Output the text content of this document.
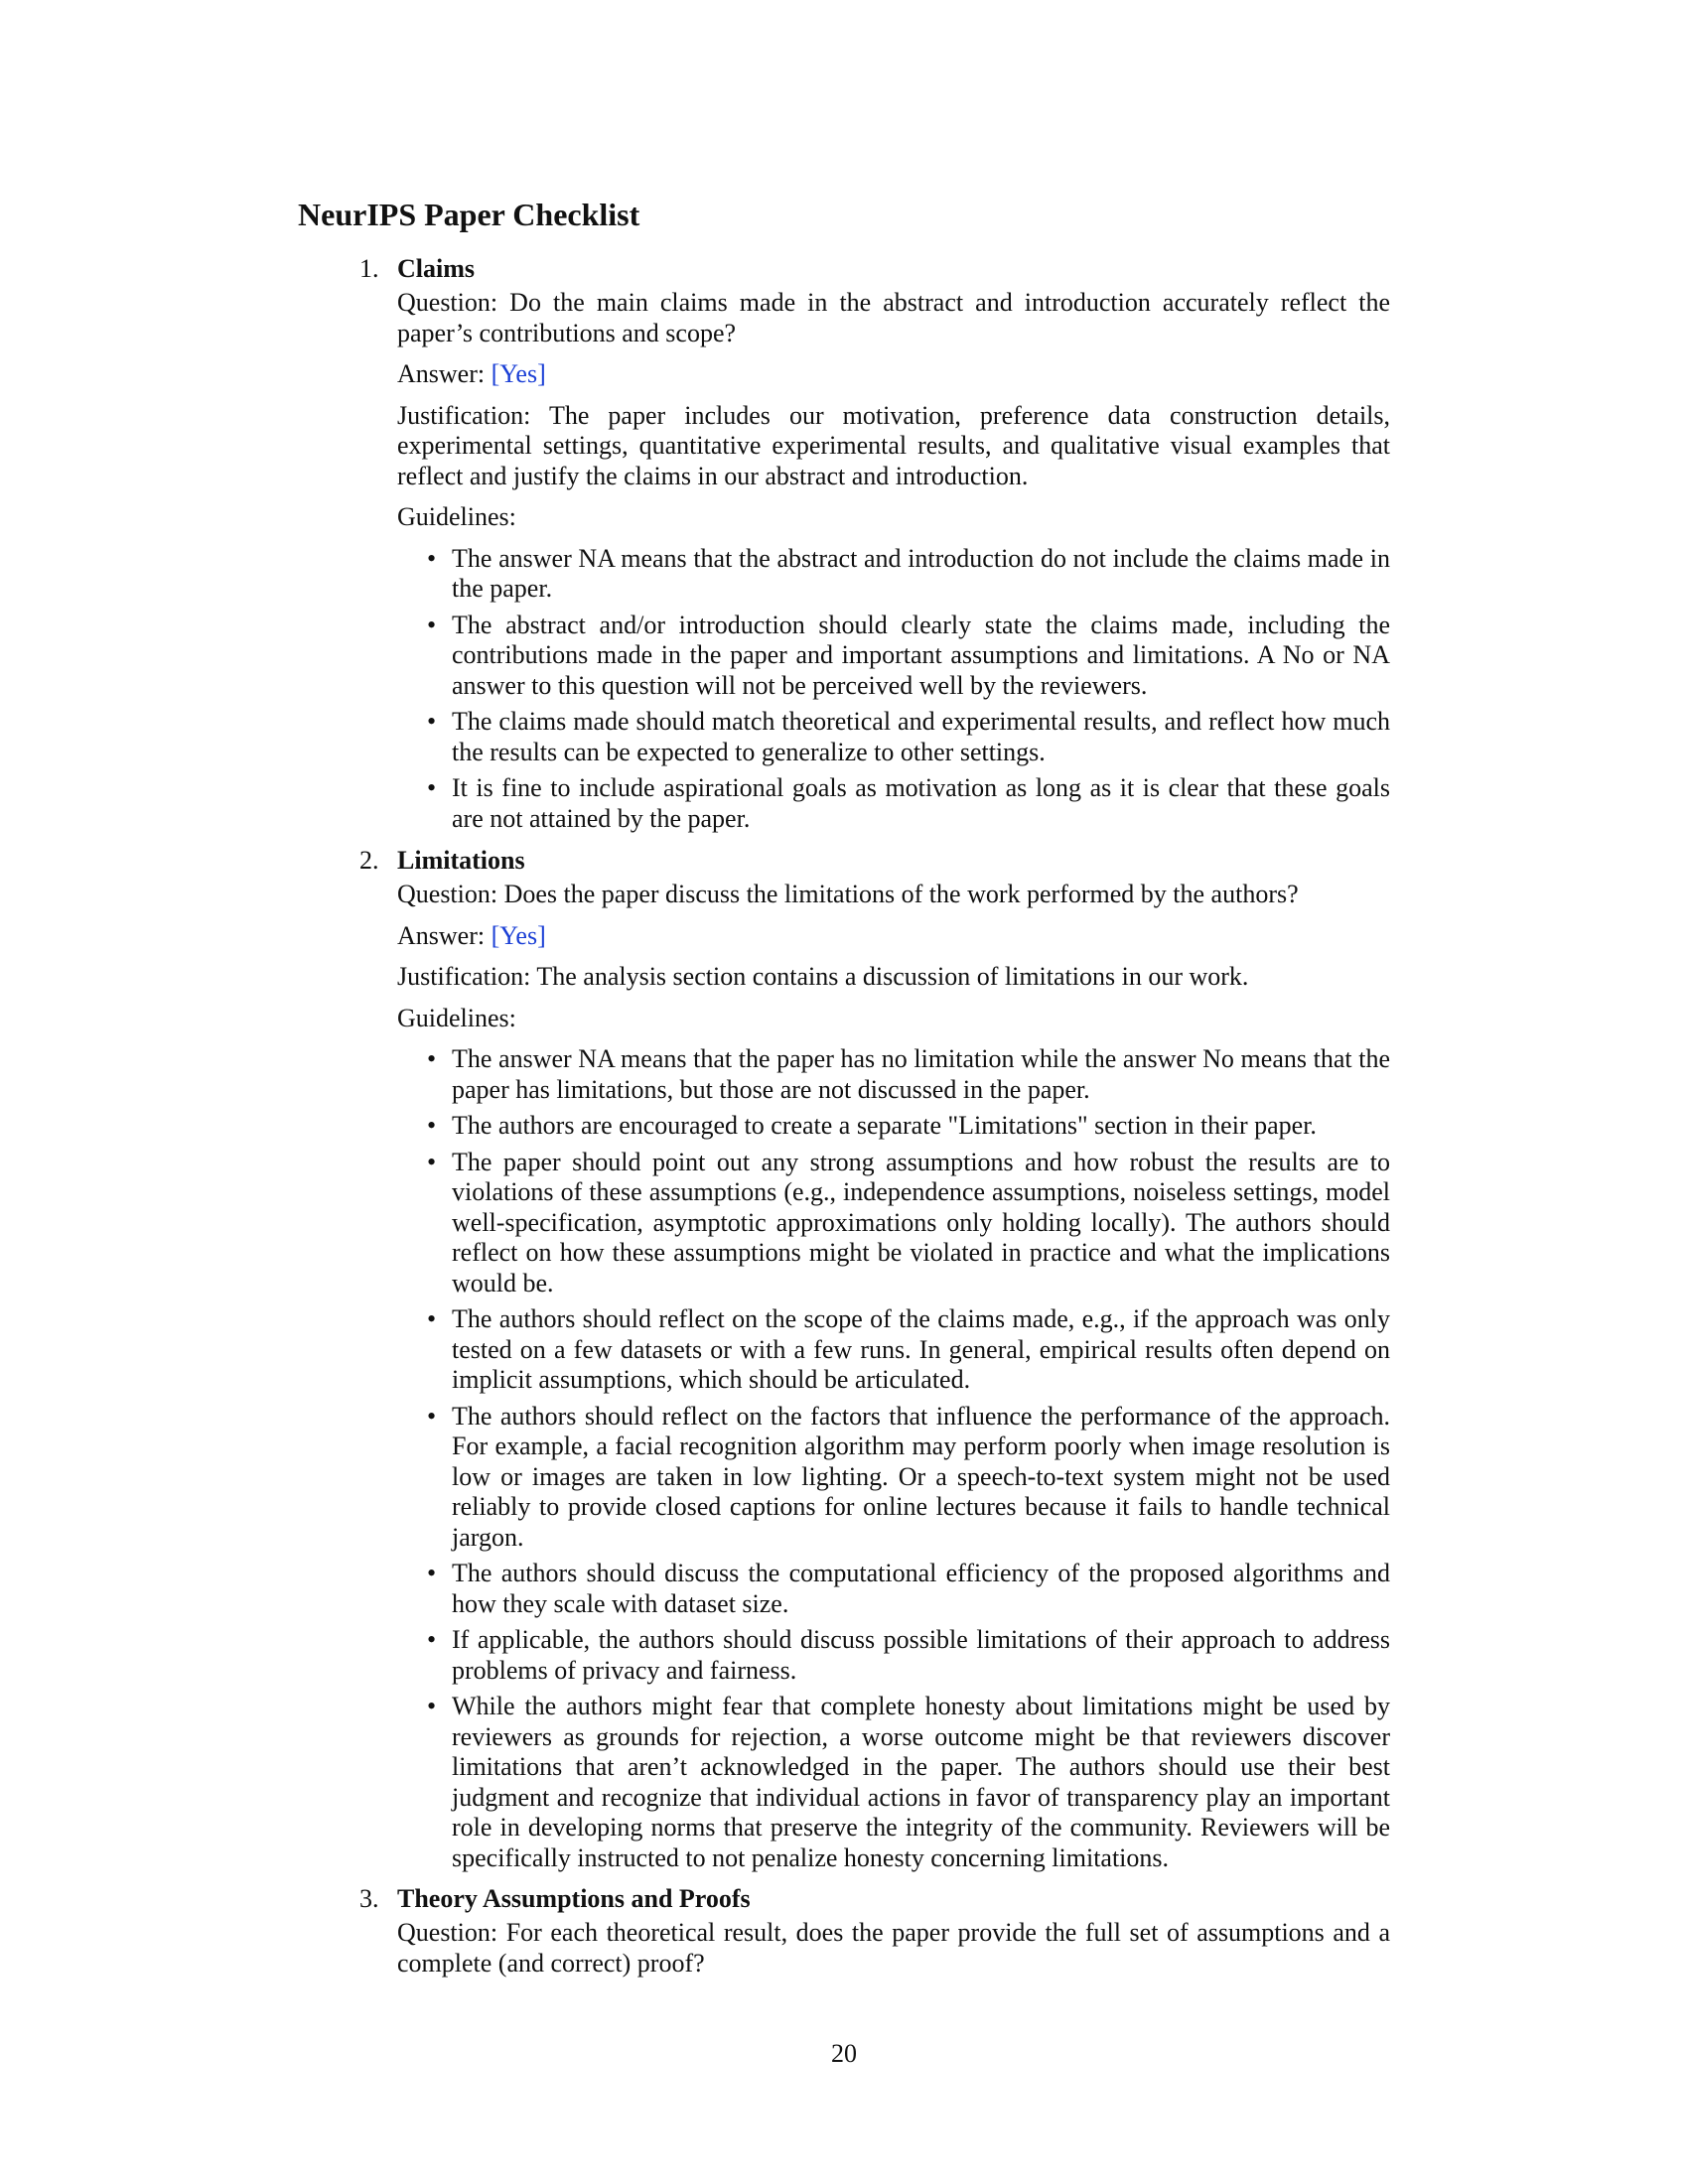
NeurIPS Paper Checklist
1. Claims

Question: Do the main claims made in the abstract and introduction accurately reflect the paper’s contributions and scope?

Answer: [Yes]

Justification: The paper includes our motivation, preference data construction details, experimental settings, quantitative experimental results, and qualitative visual examples that reflect and justify the claims in our abstract and introduction.

Guidelines:

• The answer NA means that the abstract and introduction do not include the claims made in the paper.
• The abstract and/or introduction should clearly state the claims made, including the contributions made in the paper and important assumptions and limitations. A No or NA answer to this question will not be perceived well by the reviewers.
• The claims made should match theoretical and experimental results, and reflect how much the results can be expected to generalize to other settings.
• It is fine to include aspirational goals as motivation as long as it is clear that these goals are not attained by the paper.
2. Limitations

Question: Does the paper discuss the limitations of the work performed by the authors?

Answer: [Yes]

Justification: The analysis section contains a discussion of limitations in our work.

Guidelines:

• The answer NA means that the paper has no limitation while the answer No means that the paper has limitations, but those are not discussed in the paper.
• The authors are encouraged to create a separate "Limitations" section in their paper.
• The paper should point out any strong assumptions and how robust the results are to violations of these assumptions (e.g., independence assumptions, noiseless settings, model well-specification, asymptotic approximations only holding locally). The authors should reflect on how these assumptions might be violated in practice and what the implications would be.
• The authors should reflect on the scope of the claims made, e.g., if the approach was only tested on a few datasets or with a few runs. In general, empirical results often depend on implicit assumptions, which should be articulated.
• The authors should reflect on the factors that influence the performance of the approach. For example, a facial recognition algorithm may perform poorly when image resolution is low or images are taken in low lighting. Or a speech-to-text system might not be used reliably to provide closed captions for online lectures because it fails to handle technical jargon.
• The authors should discuss the computational efficiency of the proposed algorithms and how they scale with dataset size.
• If applicable, the authors should discuss possible limitations of their approach to address problems of privacy and fairness.
• While the authors might fear that complete honesty about limitations might be used by reviewers as grounds for rejection, a worse outcome might be that reviewers discover limitations that aren’t acknowledged in the paper. The authors should use their best judgment and recognize that individual actions in favor of transparency play an important role in developing norms that preserve the integrity of the community. Reviewers will be specifically instructed to not penalize honesty concerning limitations.
3. Theory Assumptions and Proofs

Question: For each theoretical result, does the paper provide the full set of assumptions and a complete (and correct) proof?

20
